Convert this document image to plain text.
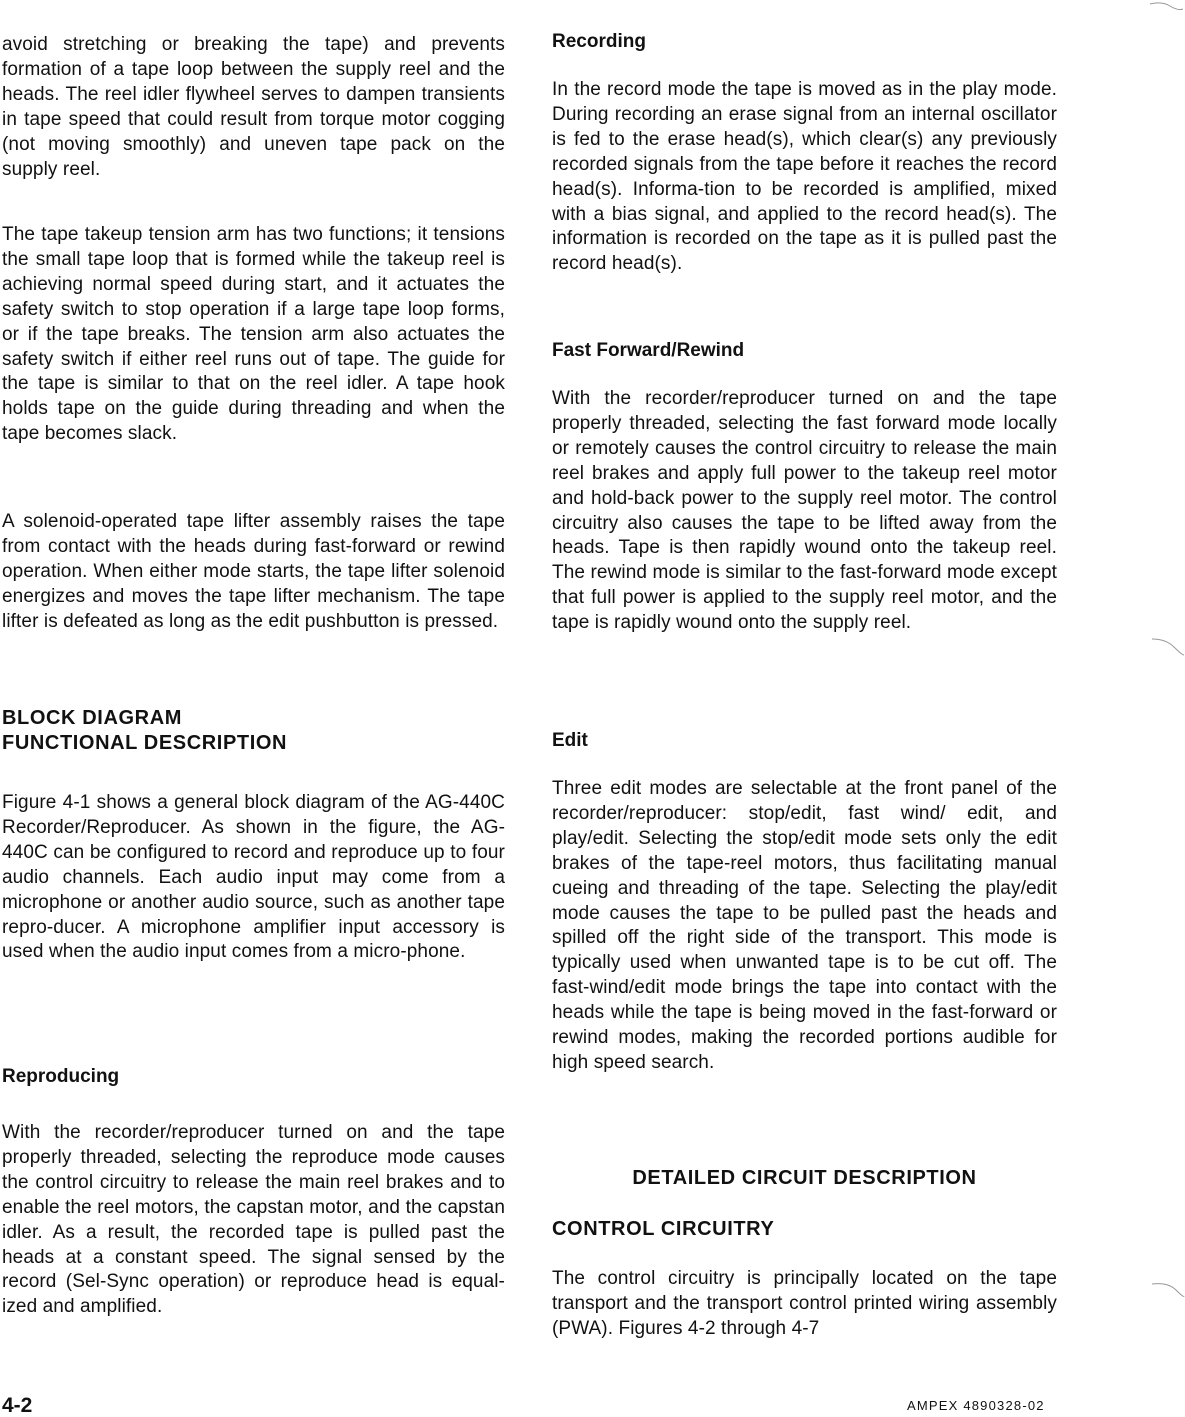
avoid stretching or breaking the tape) and prevents formation of a tape loop between the supply reel and the heads. The reel idler flywheel serves to dampen transients in tape speed that could result from torque motor cogging (not moving smoothly) and uneven tape pack on the supply reel.

The tape takeup tension arm has two functions; it tensions the small tape loop that is formed while the takeup reel is achieving normal speed during start, and it actuates the safety switch to stop operation if a large tape loop forms, or if the tape breaks. The tension arm also actuates the safety switch if either reel runs out of tape. The guide for the tape is similar to that on the reel idler. A tape hook holds tape on the guide during threading and when the tape becomes slack.

A solenoid-operated tape lifter assembly raises the tape from contact with the heads during fast-forward or rewind operation. When either mode starts, the tape lifter solenoid energizes and moves the tape lifter mechanism. The tape lifter is defeated as long as the edit pushbutton is pressed.

BLOCK DIAGRAM
FUNCTIONAL DESCRIPTION

Figure 4-1 shows a general block diagram of the AG-440C Recorder/Reproducer. As shown in the figure, the AG-440C can be configured to record and reproduce up to four audio channels. Each audio input may come from a microphone or another audio source, such as another tape repro-ducer. A microphone amplifier input accessory is used when the audio input comes from a micro-phone.

Reproducing

With the recorder/reproducer turned on and the tape properly threaded, selecting the reproduce mode causes the control circuitry to release the main reel brakes and to enable the reel motors, the capstan motor, and the capstan idler. As a result, the recorded tape is pulled past the heads at a constant speed. The signal sensed by the record (Sel-Sync operation) or reproduce head is equal-ized and amplified.

Recording

In the record mode the tape is moved as in the play mode. During recording an erase signal from an internal oscillator is fed to the erase head(s), which clear(s) any previously recorded signals from the tape before it reaches the record head(s). Informa-tion to be recorded is amplified, mixed with a bias signal, and applied to the record head(s). The information is recorded on the tape as it is pulled past the record head(s).

Fast Forward/Rewind

With the recorder/reproducer turned on and the tape properly threaded, selecting the fast forward mode locally or remotely causes the control circuitry to release the main reel brakes and apply full power to the takeup reel motor and hold-back power to the supply reel motor. The control circuitry also causes the tape to be lifted away from the heads. Tape is then rapidly wound onto the takeup reel. The rewind mode is similar to the fast-forward mode except that full power is applied to the supply reel motor, and the tape is rapidly wound onto the supply reel.

Edit

Three edit modes are selectable at the front panel of the recorder/reproducer: stop/edit, fast wind/ edit, and play/edit. Selecting the stop/edit mode sets only the edit brakes of the tape-reel motors, thus facilitating manual cueing and threading of the tape. Selecting the play/edit mode causes the tape to be pulled past the heads and spilled off the right side of the transport. This mode is typically used when unwanted tape is to be cut off. The fast-wind/edit mode brings the tape into contact with the heads while the tape is being moved in the fast-forward or rewind modes, making the recorded portions audible for high speed search.

DETAILED CIRCUIT DESCRIPTION
CONTROL CIRCUITRY

The control circuitry is principally located on the tape transport and the transport control printed wiring assembly (PWA). Figures 4-2 through 4-7

4-2	AMPEX 4890328-02
